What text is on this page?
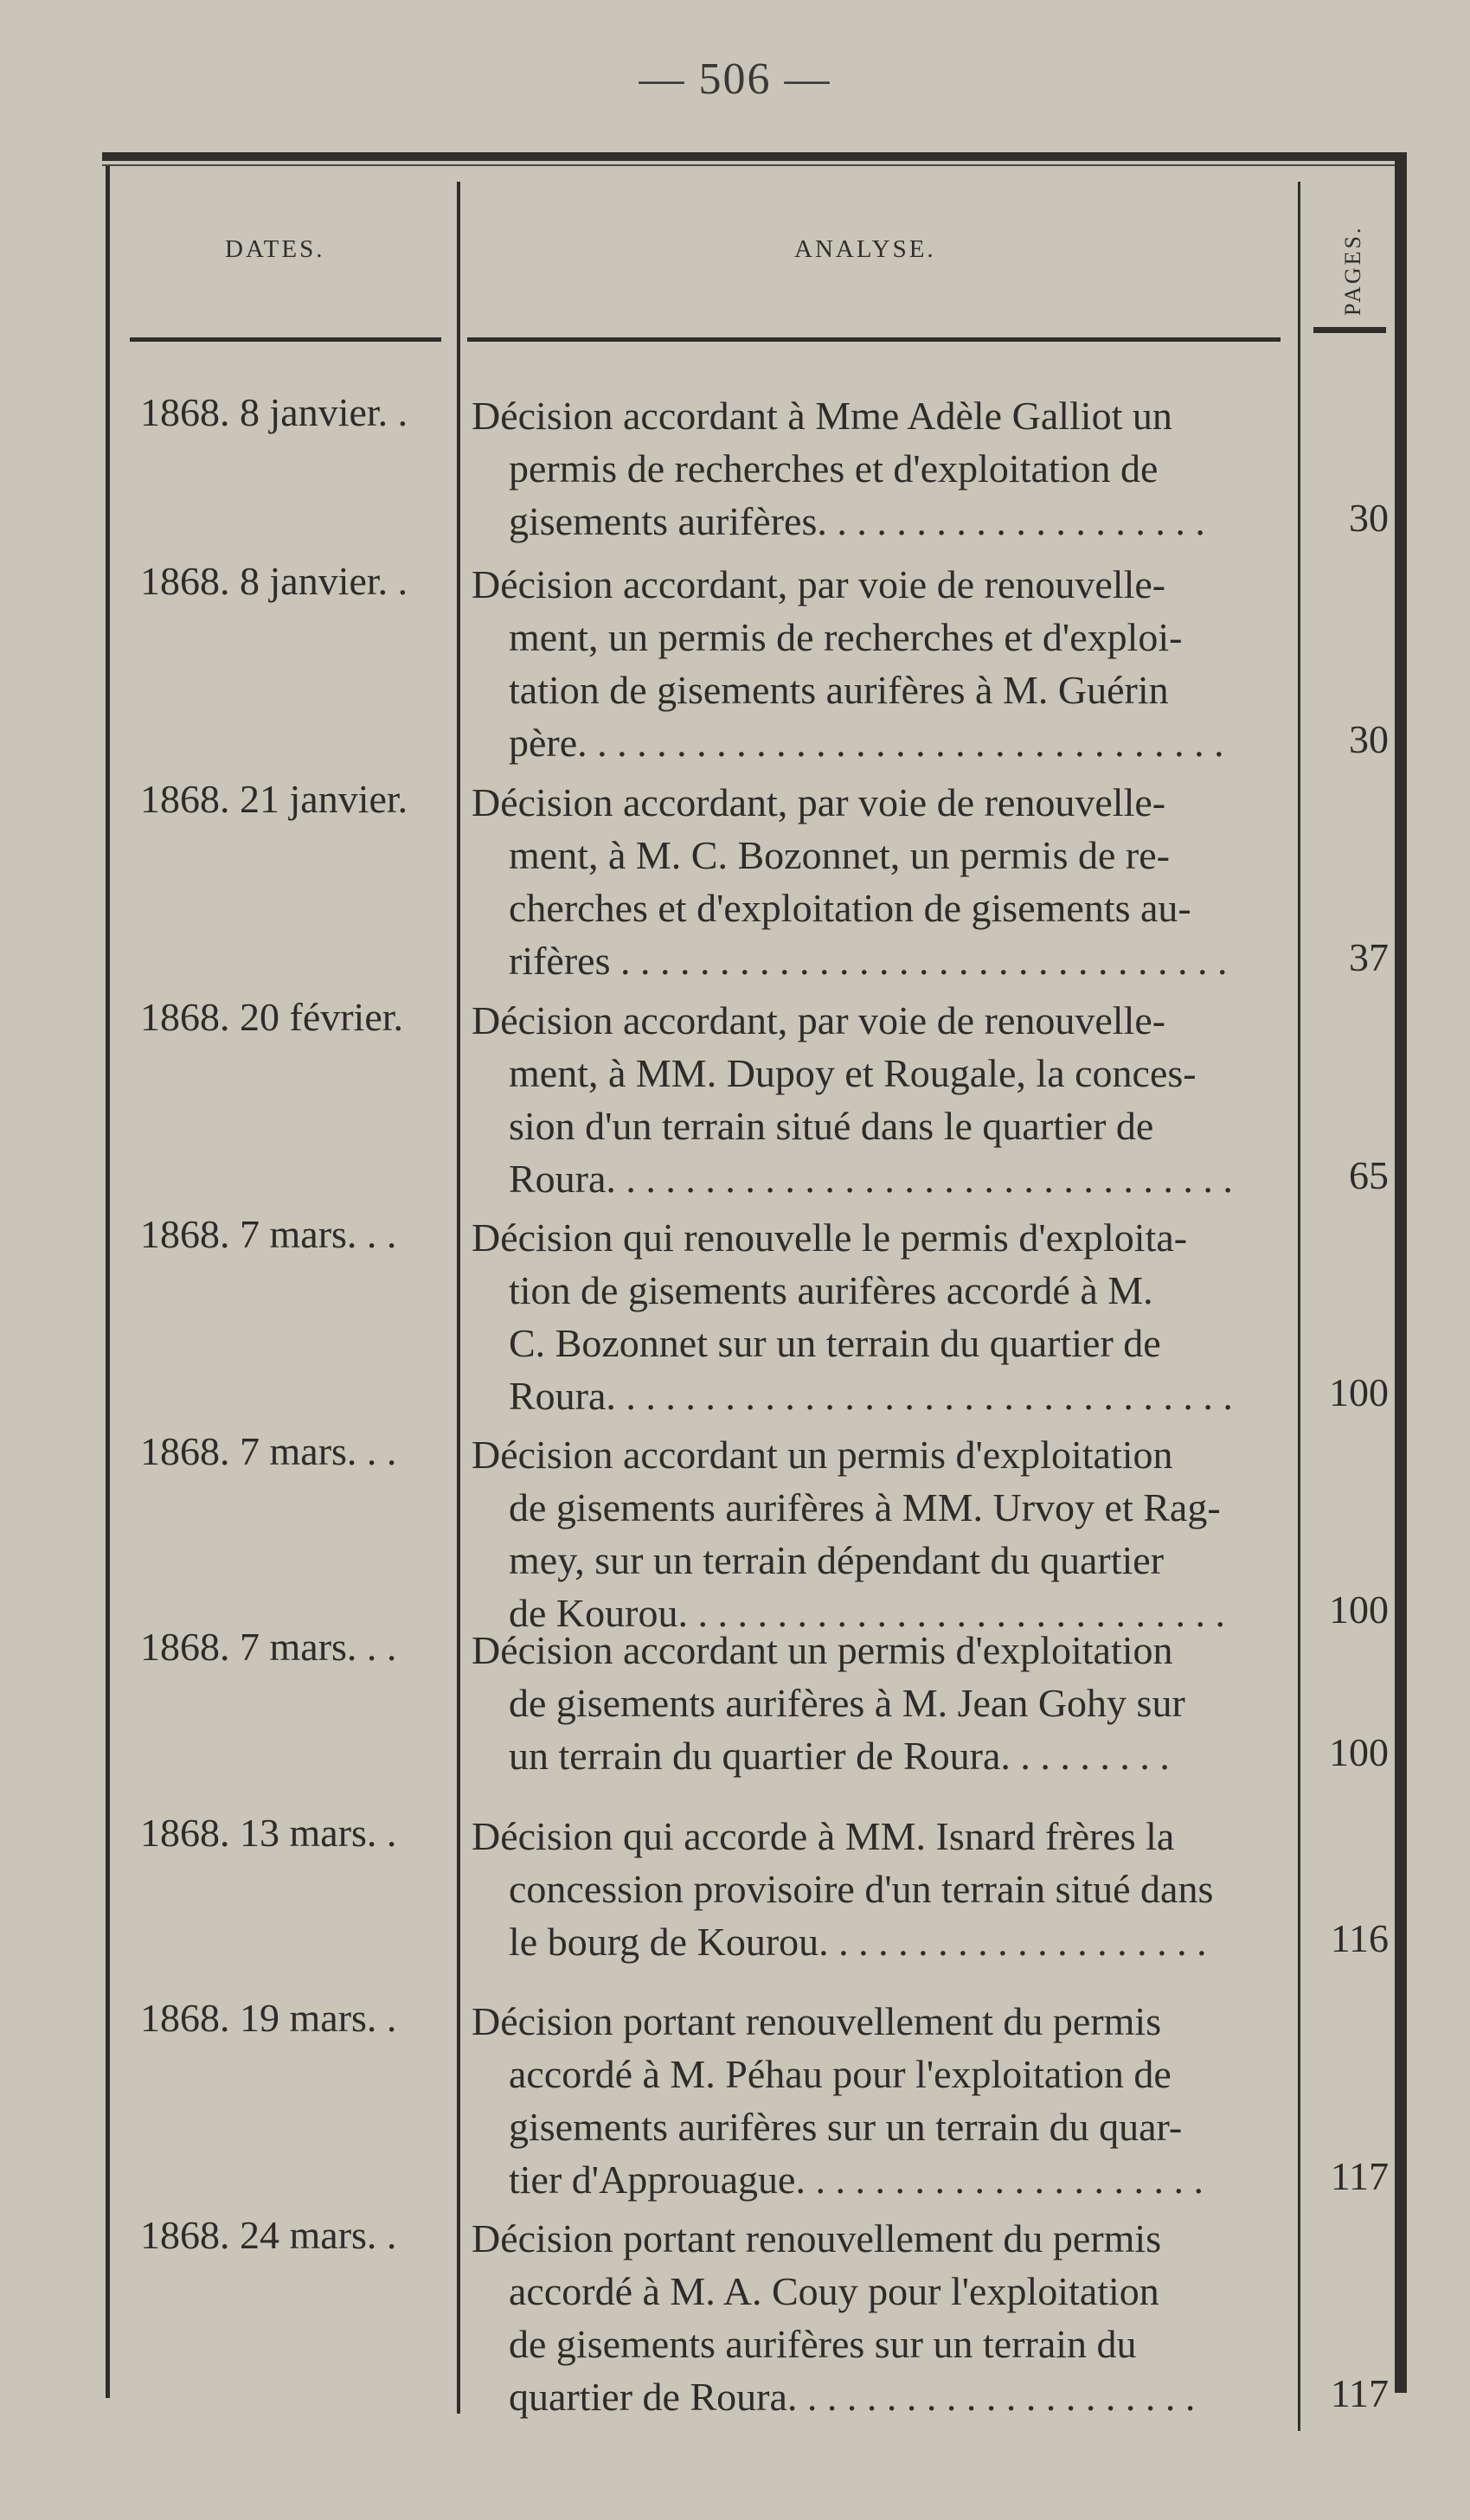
— 506 —
DATES.	ANALYSE.	PAGES.
1868. 8 janvier. . Décision accordant à Mme Adèle Galliot un
permis de recherches et d'exploitation de
gisements aurifères. . . . . . . . . . . . . . . . . . . .	30
1868. 8 janvier. . Décision accordant, par voie de renouvelle-
ment, un permis de recherches et d'exploi-
tation de gisements aurifères à M. Guérin
père. . . . . . . . . . . . . . . . . . . . . . . . . . . . . . . . .	30
1868. 21 janvier. Décision accordant, par voie de renouvelle-
ment, à M. C. Bozonnet, un permis de re-
cherches et d'exploitation de gisements au-
rifères . . . . . . . . . . . . . . . . . . . . . . . . . . . . . . .	37
1868. 20 février. Décision accordant, par voie de renouvelle-
ment, à MM. Dupoy et Rougale, la conces-
sion d'un terrain situé dans le quartier de
Roura. . . . . . . . . . . . . . . . . . . . . . . . . . . . . . . .	65
1868. 7 mars. . . Décision qui renouvelle le permis d'exploita-
tion de gisements aurifères accordé à M.
C. Bozonnet sur un terrain du quartier de
Roura. . . . . . . . . . . . . . . . . . . . . . . . . . . . . . . .	100
1868. 7 mars. . . Décision accordant un permis d'exploitation
de gisements aurifères à MM. Urvoy et Rag-
mey, sur un terrain dépendant du quartier
de Kourou. . . . . . . . . . . . . . . . . . . . . . . . . . . .	100
1868. 7 mars. . . Décision accordant un permis d'exploitation
de gisements aurifères à M. Jean Gohy sur
un terrain du quartier de Roura. . . . . . . . .	100
1868. 13 mars. . Décision qui accorde à MM. Isnard frères la
concession provisoire d'un terrain situé dans
le bourg de Kourou. . . . . . . . . . . . . . . . . . . .	116
1868. 19 mars. . Décision portant renouvellement du permis
accordé à M. Péhau pour l'exploitation de
gisements aurifères sur un terrain du quar-
tier d'Approuague. . . . . . . . . . . . . . . . . . . . .	117
1868. 24 mars. . Décision portant renouvellement du permis
accordé à M. A. Couy pour l'exploitation
de gisements aurifères sur un terrain du
quartier de Roura. . . . . . . . . . . . . . . . . . . . .	117
